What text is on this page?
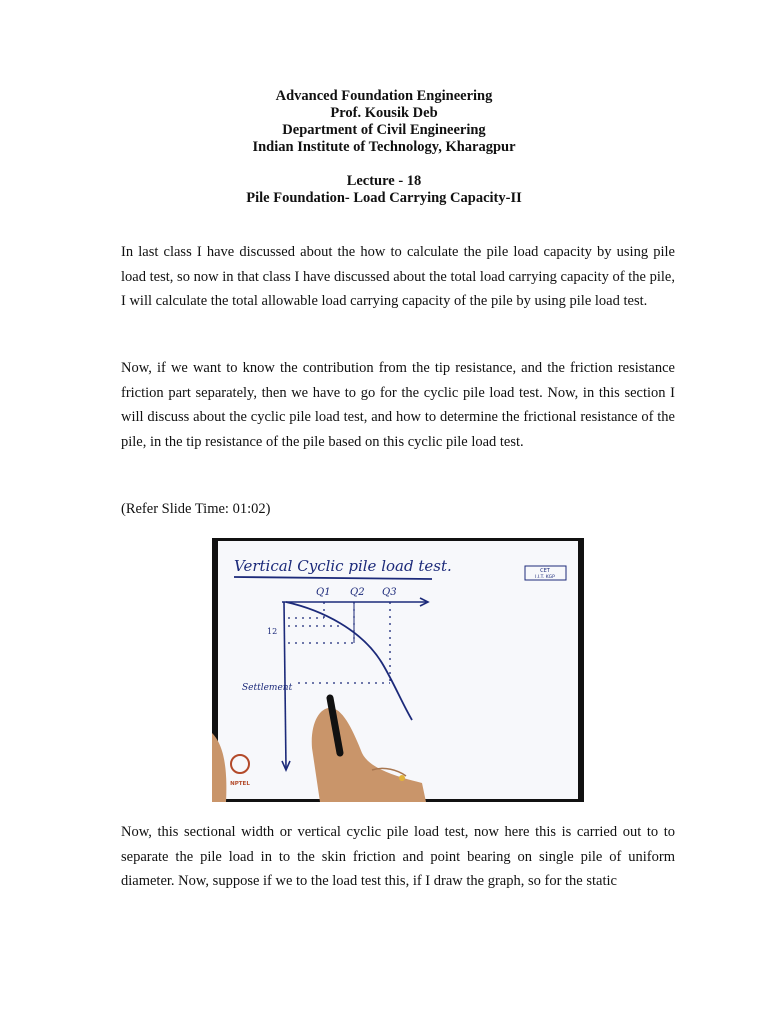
Advanced Foundation Engineering
Prof. Kousik Deb
Department of Civil Engineering
Indian Institute of Technology, Kharagpur
Lecture - 18
Pile Foundation- Load Carrying Capacity-II

In last class I have discussed about the how to calculate the pile load capacity by using pile load test, so now in that class I have discussed about the total load carrying capacity of the pile, I will calculate the total allowable load carrying capacity of the pile by using pile load test.

Now, if we want to know the contribution from the tip resistance, and the friction resistance friction part separately, then we have to go for the cyclic pile load test. Now, in this section I will discuss about the cyclic pile load test, and how to determine the frictional resistance of the pile, in the tip resistance of the pile based on this cyclic pile load test.

(Refer Slide Time: 01:02)

Vertical Cyclic pile load test.	CET
I.I.T. KGP
Q1 Q2 Q3
12
Settlement
NPTEL

Now, this sectional width or vertical cyclic pile load test, now here this is carried out to to separate the pile load in to the skin friction and point bearing on single pile of uniform diameter. Now, suppose if we to the load test this, if I draw the graph, so for the static
